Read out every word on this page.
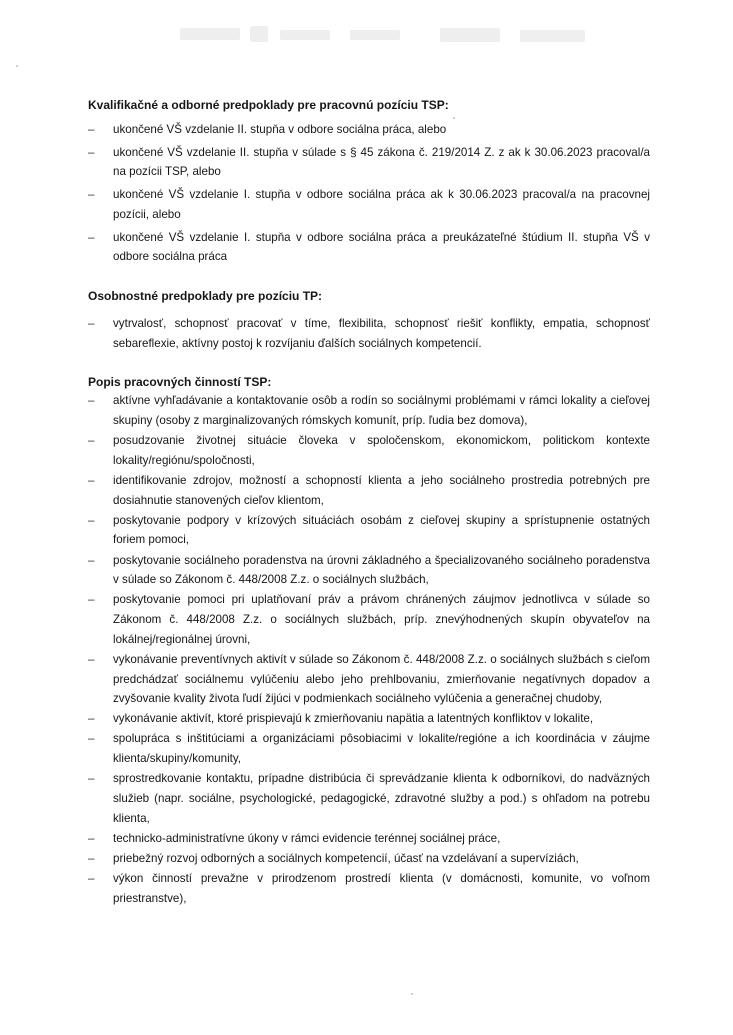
Kvalifikačné a odborné predpoklady pre pracovnú pozíciu TSP:
–	ukončené VŠ vzdelanie II. stupňa v odbore sociálna práca, alebo
–	ukončené VŠ vzdelanie II. stupňa v súlade s § 45 zákona č. 219/2014 Z. z ak k 30.06.2023 pracoval/a na pozícii TSP, alebo
–	ukončené VŠ vzdelanie I. stupňa v odbore sociálna práca ak k 30.06.2023 pracoval/a na pracovnej pozícii, alebo
–	ukončené VŠ vzdelanie I. stupňa v odbore sociálna práca a preukázateľné štúdium II. stupňa VŠ v odbore sociálna práca
Osobnostné predpoklady pre pozíciu TP:
–	vytrvalosť, schopnosť pracovať v tíme, flexibilita, schopnosť riešiť konflikty, empatia, schopnosť sebareflexie, aktívny postoj k rozvíjaniu ďalších sociálnych kompetencií.
Popis pracovných činností TSP:
–	aktívne vyhľadávanie a kontaktovanie osôb a rodín so sociálnymi problémami v rámci lokality a cieľovej skupiny (osoby z marginalizovaných rómskych komunít, príp. ľudia bez domova),
–	posudzovanie životnej situácie človeka v spoločenskom, ekonomickom, politickom kontexte lokality/regiónu/spoločnosti,
–	identifikovanie zdrojov, možností a schopností klienta a jeho sociálneho prostredia potrebných pre dosiahnutie stanovených cieľov klientom,
–	poskytovanie podpory v krízových situáciách osobám z cieľovej skupiny a sprístupnenie ostatných foriem pomoci,
–	poskytovanie sociálneho poradenstva na úrovni základného a špecializovaného sociálneho poradenstva v súlade so Zákonom č. 448/2008 Z.z. o sociálnych službách,
–	poskytovanie pomoci pri uplatňovaní práv a právom chránených záujmov jednotlivca v súlade so Zákonom č. 448/2008 Z.z. o sociálnych službách, príp. znevýhodnených skupín obyvateľov na lokálnej/regionálnej úrovni,
–	vykonávanie preventívnych aktivít v súlade so Zákonom č. 448/2008 Z.z. o sociálnych službách s cieľom predchádzať sociálnemu vylúčeniu alebo jeho prehlbovaniu, zmierňovanie negatívnych dopadov a zvyšovanie kvality života ľudí žijúci v podmienkach sociálneho vylúčenia a generačnej chudoby,
–	vykonávanie aktivít, ktoré prispievajú k zmierňovaniu napätia a latentných konfliktov v lokalite,
–	spolupráca s inštitúciami a organizáciami pôsobiacimi v lokalite/regióne a ich koordinácia v záujme klienta/skupiny/komunity,
–	sprostredkovanie kontaktu, prípadne distribúcia či sprevádzanie klienta k odborníkovi, do nadväzných služieb (napr. sociálne, psychologické, pedagogické, zdravotné služby a pod.) s ohľadom na potrebu klienta,
–	technicko-administratívne úkony v rámci evidencie terénnej sociálnej práce,
–	priebežný rozvoj odborných a sociálnych kompetencií, účasť na vzdelávaní a supervíziách,
–	výkon činností prevažne v prirodzenom prostredí klienta (v domácnosti, komunite, vo voľnom priestranstve),
